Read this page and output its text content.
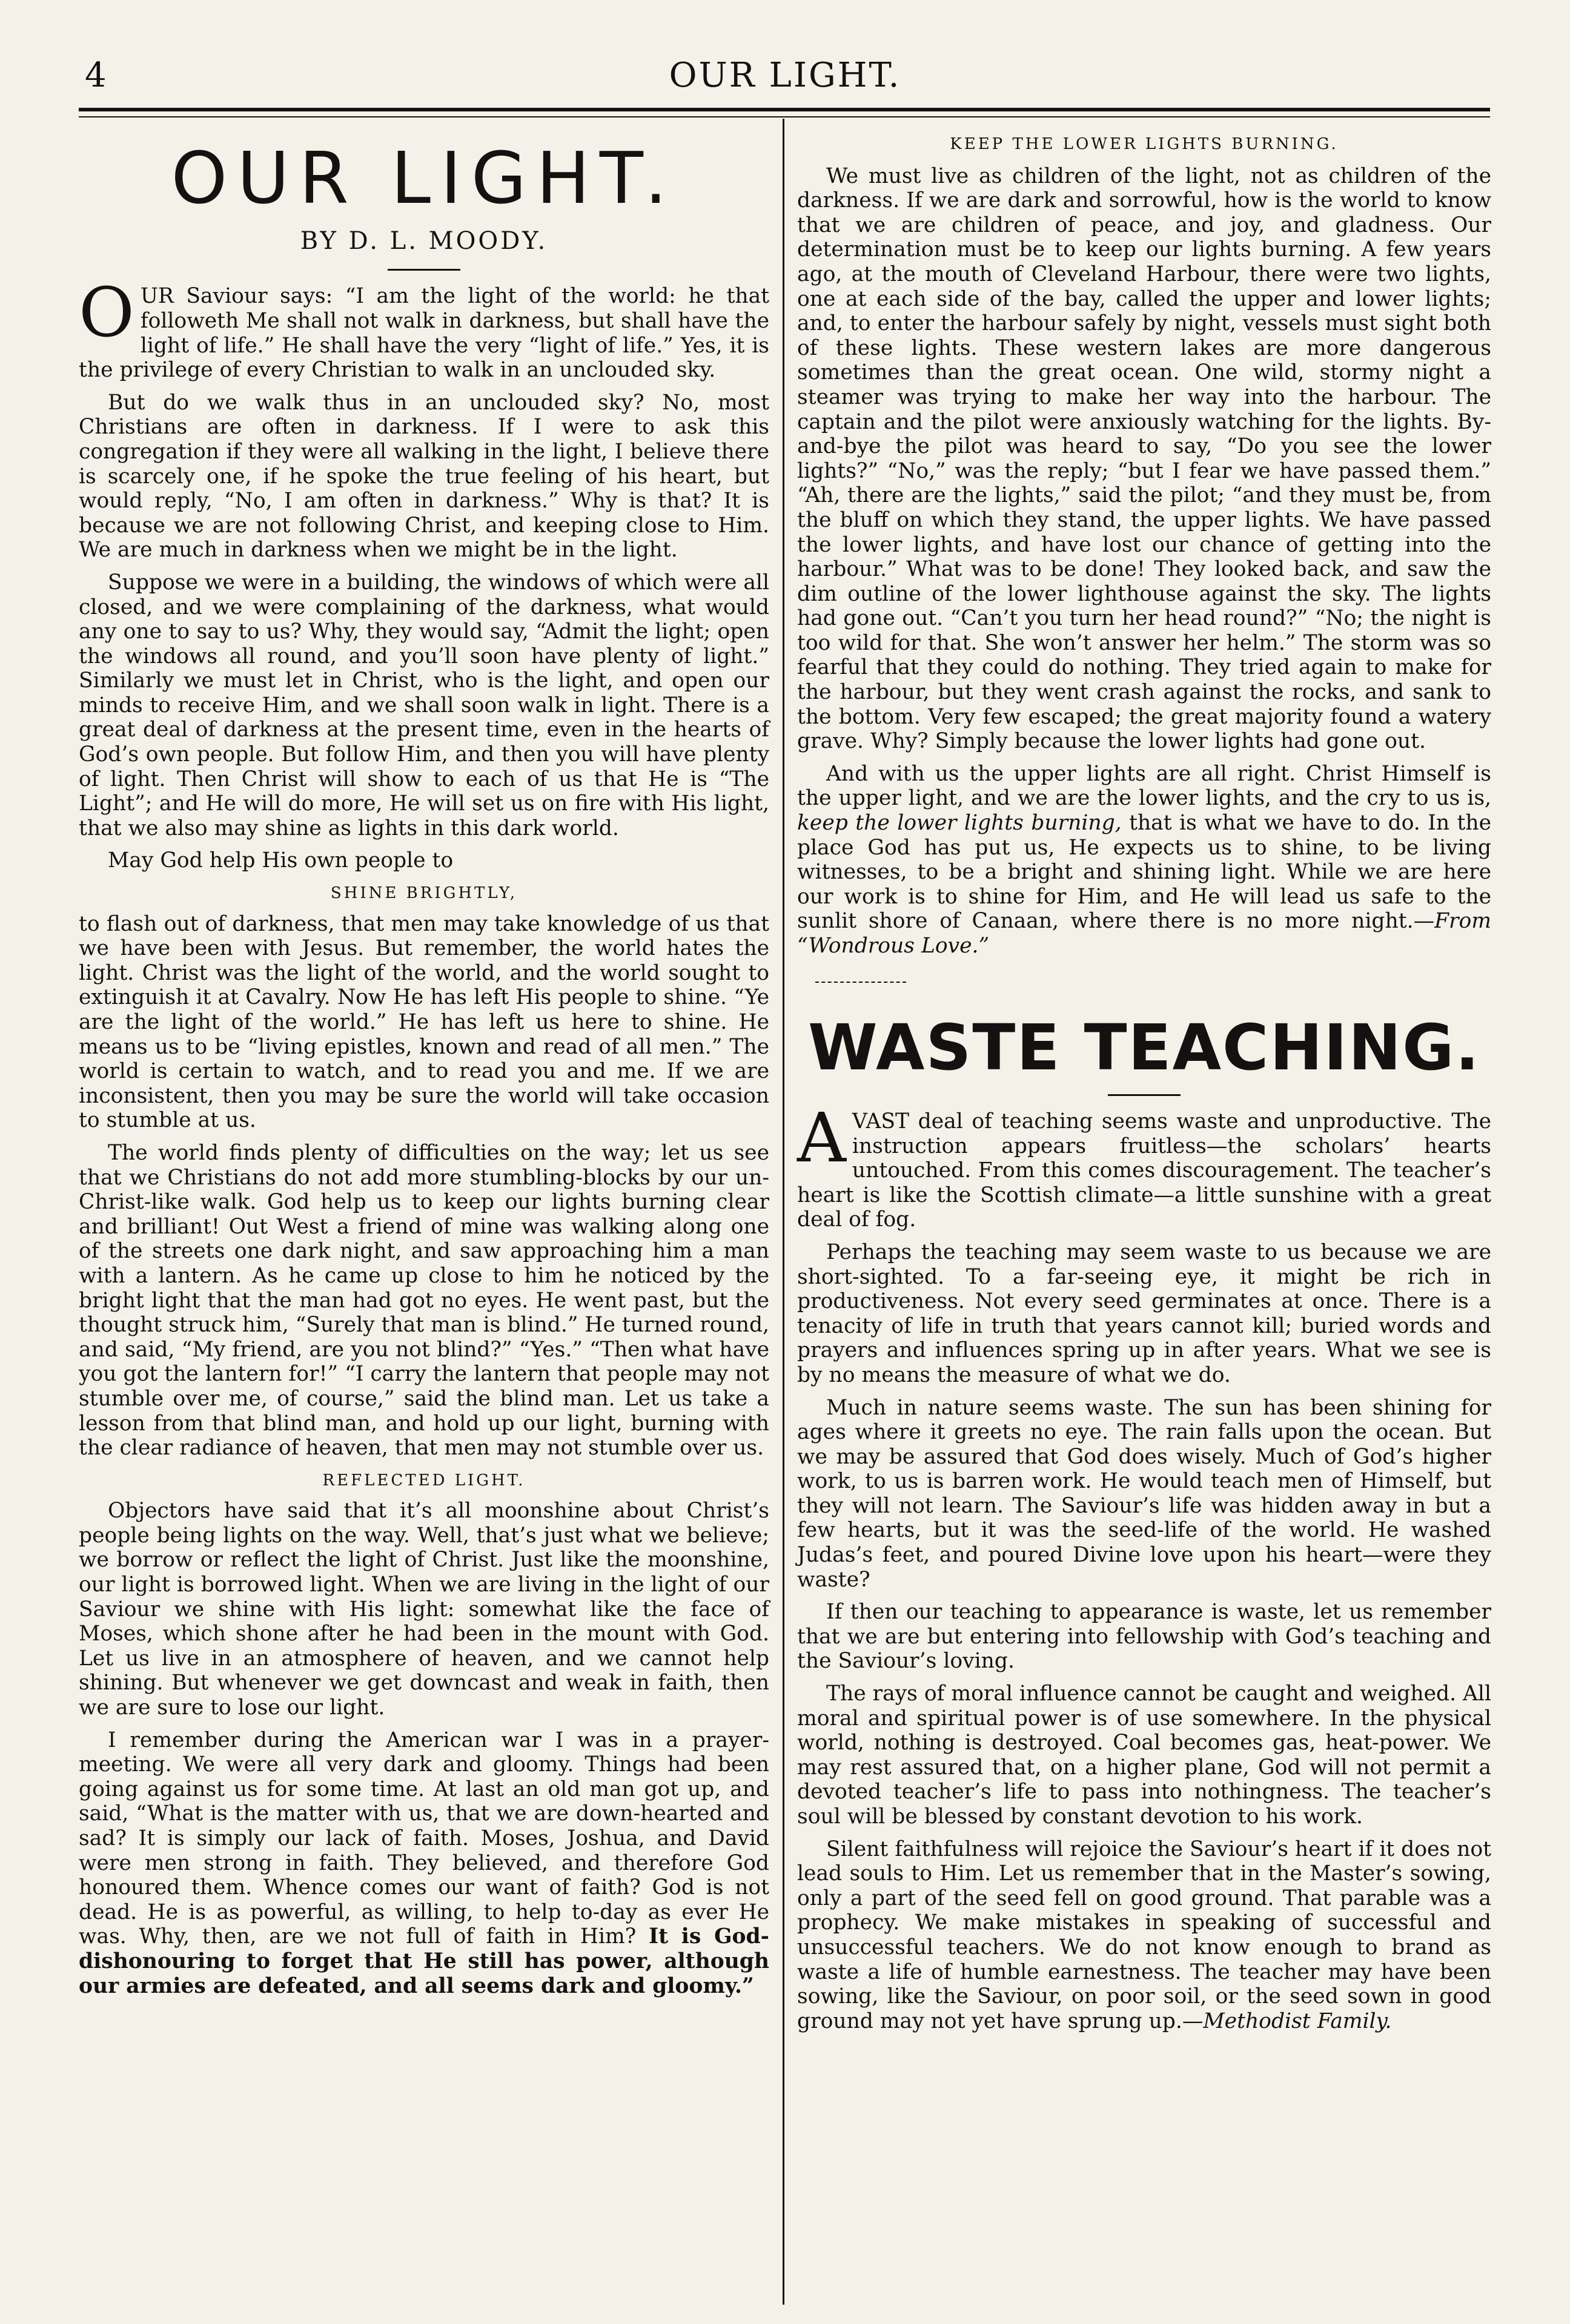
4	OUR LIGHT.
OUR LIGHT.
BY D. L. MOODY.

OUR Saviour says: “I am the light of the world: he that followeth Me shall not walk in darkness, but shall have the light of life.” He shall have the very “light of life.” Yes, it is the privilege of every Christian to walk in an unclouded sky.

But do we walk thus in an unclouded sky? No, most Christians are often in darkness. If I were to ask this congregation if they were all walking in the light, I believe there is scarcely one, if he spoke the true feeling of his heart, but would reply, “No, I am often in darkness.” Why is that? It is because we are not following Christ, and keeping close to Him. We are much in darkness when we might be in the light.

Suppose we were in a building, the windows of which were all closed, and we were complaining of the darkness, what would any one to say to us? Why, they would say, “Admit the light; open the windows all round, and you’ll soon have plenty of light.” Similarly we must let in Christ, who is the light, and open our minds to receive Him, and we shall soon walk in light. There is a great deal of darkness at the present time, even in the hearts of God’s own people. But follow Him, and then you will have plenty of light. Then Christ will show to each of us that He is “The Light”; and He will do more, He will set us on fire with His light, that we also may shine as lights in this dark world.

May God help His own people to

SHINE BRIGHTLY,

to flash out of darkness, that men may take knowledge of us that we have been with Jesus. But remember, the world hates the light. Christ was the light of the world, and the world sought to extinguish it at Cavalry. Now He has left His people to shine. “Ye are the light of the world.” He has left us here to shine. He means us to be “living epistles, known and read of all men.” The world is certain to watch, and to read you and me. If we are inconsistent, then you may be sure the world will take occasion to stumble at us.

The world finds plenty of difficulties on the way; let us see that we Christians do not add more stumbling-blocks by our un-Christ-like walk. God help us to keep our lights burning clear and brilliant! Out West a friend of mine was walking along one of the streets one dark night, and saw approaching him a man with a lantern. As he came up close to him he noticed by the bright light that the man had got no eyes. He went past, but the thought struck him, “Surely that man is blind.” He turned round, and said, “My friend, are you not blind?” “Yes.” “Then what have you got the lantern for!” “I carry the lantern that people may not stumble over me, of course,” said the blind man. Let us take a lesson from that blind man, and hold up our light, burning with the clear radiance of heaven, that men may not stumble over us.

REFLECTED LIGHT.

Objectors have said that it’s all moonshine about Christ’s people being lights on the way. Well, that’s just what we believe; we borrow or reflect the light of Christ. Just like the moonshine, our light is borrowed light. When we are living in the light of our Saviour we shine with His light: somewhat like the face of Moses, which shone after he had been in the mount with God. Let us live in an atmosphere of heaven, and we cannot help shining. But whenever we get downcast and weak in faith, then we are sure to lose our light.

I remember during the American war I was in a prayer-meeting. We were all very dark and gloomy. Things had been going against us for some time. At last an old man got up, and said, “What is the matter with us, that we are down-hearted and sad? It is simply our lack of faith. Moses, Joshua, and David were men strong in faith. They believed, and therefore God honoured them. Whence comes our want of faith? God is not dead. He is as powerful, as willing, to help to-day as ever He was. Why, then, are we not full of faith in Him? It is God-dishonouring to forget that He still has power, although our armies are defeated, and all seems dark and gloomy.”

KEEP THE LOWER LIGHTS BURNING.

We must live as children of the light, not as children of the darkness. If we are dark and sorrowful, how is the world to know that we are children of peace, and joy, and gladness. Our determination must be to keep our lights burning. A few years ago, at the mouth of Cleveland Harbour, there were two lights, one at each side of the bay, called the upper and lower lights; and, to enter the harbour safely by night, vessels must sight both of these lights. These western lakes are more dangerous sometimes than the great ocean. One wild, stormy night a steamer was trying to make her way into the harbour. The captain and the pilot were anxiously watching for the lights. By-and-bye the pilot was heard to say, “Do you see the lower lights?” “No,” was the reply; “but I fear we have passed them.” “Ah, there are the lights,” said the pilot; “and they must be, from the bluff on which they stand, the upper lights. We have passed the lower lights, and have lost our chance of getting into the harbour.” What was to be done! They looked back, and saw the dim outline of the lower lighthouse against the sky. The lights had gone out. “Can’t you turn her head round?” “No; the night is too wild for that. She won’t answer her helm.” The storm was so fearful that they could do nothing. They tried again to make for the harbour, but they went crash against the rocks, and sank to the bottom. Very few escaped; the great majority found a watery grave. Why? Simply because the lower lights had gone out.

And with us the upper lights are all right. Christ Himself is the upper light, and we are the lower lights, and the cry to us is, keep the lower lights burning, that is what we have to do. In the place God has put us, He expects us to shine, to be living witnesses, to be a bright and shining light. While we are here our work is to shine for Him, and He will lead us safe to the sunlit shore of Canaan, where there is no more night.—From “Wondrous Love.”

WASTE TEACHING.

A VAST deal of teaching seems waste and unproductive. The instruction appears fruitless—the scholars’ hearts untouched. From this comes discouragement. The teacher’s heart is like the Scottish climate—a little sunshine with a great deal of fog.

Perhaps the teaching may seem waste to us because we are short-sighted. To a far-seeing eye, it might be rich in productiveness. Not every seed germinates at once. There is a tenacity of life in truth that years cannot kill; buried words and prayers and influences spring up in after years. What we see is by no means the measure of what we do.

Much in nature seems waste. The sun has been shining for ages where it greets no eye. The rain falls upon the ocean. But we may be assured that God does wisely. Much of God’s higher work, to us is barren work. He would teach men of Himself, but they will not learn. The Saviour’s life was hidden away in but a few hearts, but it was the seed-life of the world. He washed Judas’s feet, and poured Divine love upon his heart—were they waste?

If then our teaching to appearance is waste, let us remember that we are but entering into fellowship with God’s teaching and the Saviour’s loving.

The rays of moral influence cannot be caught and weighed. All moral and spiritual power is of use somewhere. In the physical world, nothing is destroyed. Coal becomes gas, heat-power. We may rest assured that, on a higher plane, God will not permit a devoted teacher’s life to pass into nothingness. The teacher’s soul will be blessed by constant devotion to his work.

Silent faithfulness will rejoice the Saviour’s heart if it does not lead souls to Him. Let us remember that in the Master’s sowing, only a part of the seed fell on good ground. That parable was a prophecy. We make mistakes in speaking of successful and unsuccessful teachers. We do not know enough to brand as waste a life of humble earnestness. The teacher may have been sowing, like the Saviour, on poor soil, or the seed sown in good ground may not yet have sprung up.—Methodist Family.
